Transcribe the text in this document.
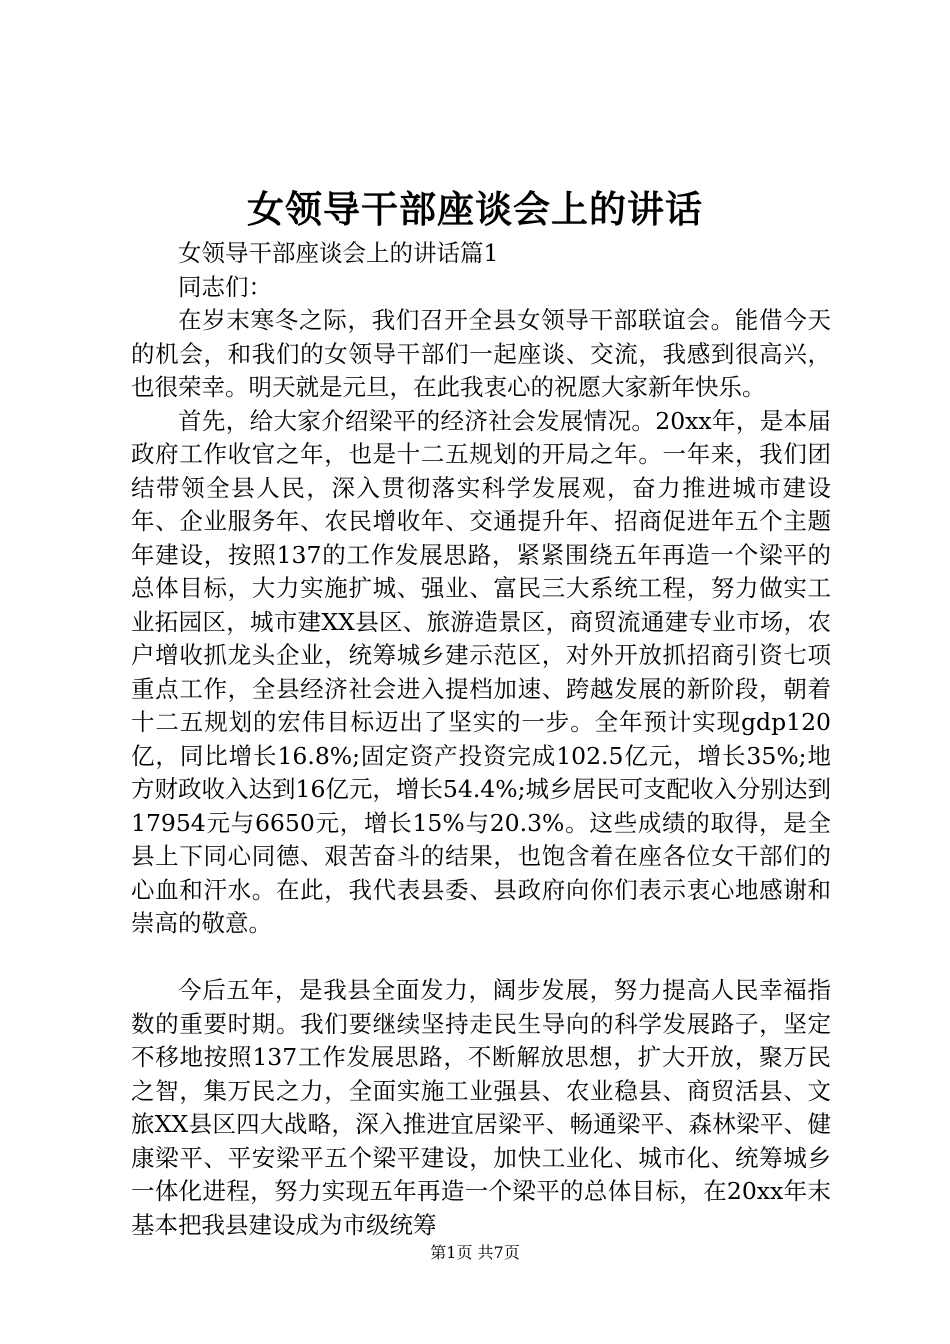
女领导干部座谈会上的讲话

女领导干部座谈会上的讲话篇1

同志们：

在岁末寒冬之际，我们召开全县女领导干部联谊会。能借今天的机会，和我们的女领导干部们一起座谈、交流，我感到很高兴，也很荣幸。明天就是元旦，在此我衷心的祝愿大家新年快乐。

首先，给大家介绍梁平的经济社会发展情况。20xx年，是本届政府工作收官之年，也是十二五规划的开局之年。一年来，我们团结带领全县人民，深入贯彻落实科学发展观，奋力推进城市建设年、企业服务年、农民增收年、交通提升年、招商促进年五个主题年建设，按照137的工作发展思路，紧紧围绕五年再造一个梁平的总体目标，大力实施扩城、强业、富民三大系统工程，努力做实工业拓园区，城市建XX县区、旅游造景区，商贸流通建专业市场，农户增收抓龙头企业，统筹城乡建示范区，对外开放抓招商引资七项重点工作，全县经济社会进入提档加速、跨越发展的新阶段，朝着十二五规划的宏伟目标迈出了坚实的一步。全年预计实现gdp120亿，同比增长16.8%;固定资产投资完成102.5亿元，增长35%;地方财政收入达到16亿元，增长54.4%;城乡居民可支配收入分别达到17954元与6650元，增长15%与20.3%。这些成绩的取得，是全县上下同心同德、艰苦奋斗的结果，也饱含着在座各位女干部们的心血和汗水。在此，我代表县委、县政府向你们表示衷心地感谢和崇高的敬意。

今后五年，是我县全面发力，阔步发展，努力提高人民幸福指数的重要时期。我们要继续坚持走民生导向的科学发展路子，坚定不移地按照137工作发展思路，不断解放思想，扩大开放，聚万民之智，集万民之力，全面实施工业强县、农业稳县、商贸活县、文旅XX县区四大战略，深入推进宜居梁平、畅通梁平、森林梁平、健康梁平、平安梁平五个梁平建设，加快工业化、城市化、统筹城乡一体化进程，努力实现五年再造一个梁平的总体目标，在20xx年末基本把我县建设成为市级统筹

第1页 共7页
